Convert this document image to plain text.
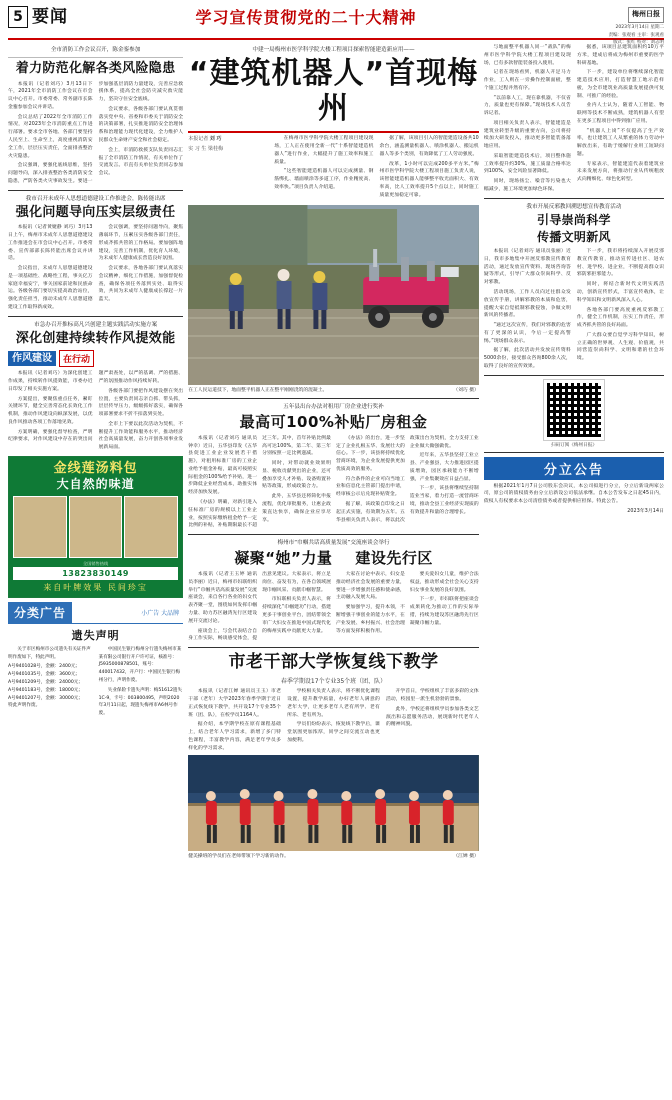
5 要闻	学习宣传贯彻党的二十大精神	梅州日报
2023年3月14日 星期二
责编：张观看 主审：张观看
版式：张红 校对：刘志明
全市消防工作会议召开，陈金銮参加
着力防范化解各类风险隐患

本报讯（记者刘巧）3月13日下午，2021年全市消防工作会议在市会议中心召开。市委常委、常务副市长陈金銮参加会议并讲话。

会议总结了2022年全市消防工作情况，对2023年全市消防重点工作进行部署。要求全市各地、各部门要坚持人民至上、生命至上，高度重视消防安全工作，层层压实责任，全面排查整治火灾隐患。

会议强调，要强化底线思维，坚持问题导向，深入排查整治各类消防安全隐患，严防各类火灾事故发生。要进一步加强基层消防力量建设，完善应急救援体系，提高全社会防灾减灾救灾能力，坚决守住安全底线。

会议要求，各级各部门要认真贯彻落实党中央、省委和市委关于消防安全的决策部署，扎实推进消防安全治理体系和治理能力现代化建设，全力维护人民群众生命财产安全和社会稳定。

会上，市消防救援支队负责同志汇报了全市消防工作情况，有关单位作了交流发言。市直有关单位负责同志参加会议。

我市召开未成年人思想道德建设工作推进会，陈传能出席
强化问题导向压实层级责任

本报讯（记者黄婕静 刘巧）3月13日上午，梅州市未成年人思想道德建设工作推进会在市会议中心召开。市委常委、宣传部部长陈传能出席会议并讲话。

会议指出，未成年人思想道德建设是一项基础性、战略性工程，事关亿万家庭幸福安宁，事关国家前途和民族命运。各级各部门要切实提高政治站位，强化责任担当，推动未成年人思想道德建设工作取得新成效。

会议强调，要坚持问题导向，聚焦薄弱环节，压紧压实各级各部门责任，形成齐抓共管的工作格局。要加强阵地建设，完善工作机制，优化育人环境，为未成年人健康成长营造良好氛围。

会议要求，各地各部门要认真落实会议精神，细化工作措施，加强督促检查，确保各项任务落到实处、取得实效，共同为未成年人健康成长撑起一片蓝天。

市急办召开推标高凡兴创建主题实践活动实施方案
深化创建持续转作风提效能
作风建设	在行动

本报讯（记者刘巧）为深化创建工作成果，持续转作风提效能，市委办近日印发了相关实施方案。

方案提出，要聚焦重点任务，紧盯关键环节，健全完善常态化长效化工作机制，推动作风建设向纵深发展，以优良作风推动各项工作落地见效。

方案明确，要强化督导检查，严明纪律要求，对作风建设中存在的突出问题严肃查处，以严的基调、严的措施、严的氛围推动作风持续好转。

各级各部门要把作风建设摆在突出位置，主要负责同志亲自抓、带头抓，层层传导压力，级级抓好落实，确保各项部署要求不折不扣落到实处。

全市上下要以此次活动为契机，不断提升工作效能和服务水平，推动经济社会高质量发展，奋力开创各项事业发展新局面。

金线莲汤料包
大自然的味道
全国销售热线
13823830149
来自叶牌效果 民间珍宝
分类广告	小广告 大品牌
遗失声明

关于市区梅州市公司遗失有关证件声明作废如下，特此声明。

A号9401028号，金额：2400元；

A号9401035号，金额：3600元；

A号9401209号，金额：24000元；

A号9401183号，金额：18000元；

A号9401207号，金额：30000元；

特此声明作废。

中国民生银行梅州分行遗失梅州市某某有限公司银行开户许可证，核准号：J5935000878501，账号：440017432，开户行：中国民生银行梅州分行，声明作废。

失业保险卡遗失声明：梅51612遗失1C-9，卡号：003800495，声明2020年3月11日起，现遗失梅州市A6林号作废。

中建一局梅州市医学科学院大楼工程项目探索智能建造新应用——
“建筑机器人”首现梅州
本报记者 刘 巧
实 习 生 梁桂梅

在梅州市医学科学院大楼工程项目建设现场，工人正在使用全新一代“十系智能建造机器人”进行作业，大幅提升了施工效率和施工质量。

“这些智能建造机器人可以完成测量、钢筋绑扎、墙面喷涂等多道工序，作业精度高、效率快。”项目负责人介绍道。

据了解，该项目引入的智能建造设备共10余台，涵盖测量机器人、喷涂机器人、搬运机器人等多个类别，有效降低了工人劳动强度。

改革，1小时可以完成200多平方米。”梅州市医学科学院大楼工程项目施工负责人说，该智能建造机器人能够整平收光面积大、有效率高，比人工效率提升5个点以上，同时施工质量更加稳定可靠。

（刘巧 摄）
在工人民运道技下，地面整平机器人正在整平刚刚浇筑的混凝土。
五年县出台办法对租用厂房企业进行奖补
最高可100%补贴厂房租金

本报讯（记者刘巧 通讯员钟幸）近日，五华县印发《五华县促进工业企业发展若干措施》，对租用标准厂房的工业企业给予租金补贴，最高可按照实际租金的100%给予补贴，进一步降低企业经营成本，助推实体经济加快发展。

《办法》明确，对新引进入驻标准厂房的规模以上工业企业，按照实际缴纳租金给予一定比例的补贴，补贴期限最长不超过三年。其中，首年补贴比例最高可达100%，第二年、第三年分别按照一定比例递减。

同时，对带动就业效果明显、税收贡献突出的企业，还可叠加享受人才补贴、设备购置补贴等政策，形成政策合力。

此外，五华县还将简化申报流程，优化审批服务，让惠企政策直达快享，确保企业应享尽享。

《办法》的出台，进一步坚定了企业扎根五华、发展壮大的信心。下一步，该县将持续优化营商环境，为企业发展提供更加优质高效的服务。

符合条件的企业可向当地工业和信息化主管部门提出申请，经审核公示后兑现补贴资金。

据了解，该政策自印发之日起正式实施，有效期为五年。五华县相关负责人表示，将以此次政策出台为契机，全力支持工业企业做大做强做优。

近年来，五华县坚持工业立县、产业强县，大力推进园区提质增效，园区承载能力不断增强，产业集聚效应日益凸显。

下一步，该县将继续坚持制造业当家，着力打造一流营商环境，推动全县工业经济实现质的有效提升和量的合理增长。

梅州市“巾帼共话高质量发展”交流座谈会举行
凝聚“她”力量 建设先行区

本报讯（记者王玉婷 通讯员李丽）近日，梅州市妇联组织举行“巾帼共话高质量发展”交流座谈会，来自各行各业的妇女代表齐聚一堂，围绕如何发挥巾帼力量、助力苏区融湾先行区建设展开交流讨论。

座谈会上，与会代表结合自身工作实际，畅谈感受体会，提出意见建议。大家表示，将立足岗位、奋发有为，在各自领域展现巾帼风采、贡献巾帼智慧。

市妇联相关负责人表示，将持续深化“巾帼建功”行动，搭建更多干事创业平台，团结带领全市广大妇女在推进中国式现代化的梅州实践中贡献更大力量。

大家在讨论中表示，妇女是推动经济社会发展的重要力量，要进一步增强责任感和使命感，主动融入发展大局。

要加强学习，提升本领，不断增强干事创业的能力水平，在产业发展、乡村振兴、社会治理等方面发挥积极作用。

要关爱妇女儿童，维护合法权益，推动形成全社会关心支持妇女事业发展的良好氛围。

下一步，市妇联将把座谈会成果转化为推动工作的实际举措，持续为建设苏区融湾先行区凝聚巾帼力量。

市老干部大学恢复线下教学
春季学期设17个专业35个班（团、队）

本报讯（记者江婵 通讯员王玉）市老干部（老年）大学2023年春季学期于近日正式恢复线下教学，共开设17个专业35个班（团、队），在校学员1164人。

据介绍，本学期学校在原有课程基础上，结合老年人学习需求，新增了多门特色课程，丰富教学内容，满足老年学员多样化的学习需求。

学校相关负责人表示，将不断优化课程设置，提升教学质量，办好老年人满意的老年大学，让更多老年人老有所学、老有所乐、老有所为。

学员们纷纷表示，恢复线下教学后，课堂氛围更加浓厚，同学之间交流互动也更加便利。

开学首日，学校组织了丰富多彩的文体活动，校园里一派生机勃勃的景象。

此外，学校还将组织学员参加各类文艺演出和志愿服务活动，展现新时代老年人的精神风貌。

（江婵 摄）
健美操班的学员们在老师带领下学习新的动作。

与地面整平机器人同一“战队”的梅州市医学科学院大楼工程项目建设现场，已有多款智能装备投入使用。

记者在现场看到，机器人开足马力作业，工人则在一旁操作控制面板，整个施工过程井然有序。

“以前靠人工，现在靠机器，不仅省力，质量也更有保障。”现场技术人员告诉记者。

项目相关负责人表示，智能建造是建筑业转型升级的重要方向，公司将持续加大研发投入，推动更多智能装备落地应用。

采取智能建造技术后，项目整体施工效率提升约30%，施工质量合格率达到100%，安全风险显著降低。

同时，现场扬尘、噪音等污染也大幅减少，施工环境更加绿色环保。

据悉，该项目总建筑面积约10万平方米，建成后将成为梅州市重要的医学科研基地。

下一步，建设单位将继续深化智能建造技术应用，打造智慧工地示范样板，为全市建筑业高质量发展提供可复制、可推广的经验。

业内人士认为，随着人工智能、物联网等技术不断成熟，建筑机器人有望在更多工程项目中得到推广应用。

“机器人上岗”不仅提高了生产效率，也让建筑工人从繁重的体力劳动中解放出来，有助于缓解行业用工短缺问题。

专家表示，智能建造代表着建筑业未来发展方向，将推动行业从传统粗放式向精细化、绿色化转型。

我市开展反邪教回溯思想宣传教育活动
引导崇尚科学
传播文明新风

本报讯（记者刘巧 通讯员张丽）近日，我市多地集中开展反邪教宣传教育活动，通过发放宣传资料、现场咨询答疑等形式，引导广大群众崇尚科学、反对邪教。

活动现场，工作人员向过往群众发放宣传手册，讲解邪教的本质和危害，提醒大家自觉抵制邪教侵蚀，争做文明新风的传播者。

“通过这次宣传，我们对邪教的危害有了更深的认识，今后一定提高警惕。”现场群众表示。

据了解，此次活动共发放宣传资料5000余份，接受群众咨询800余人次，取得了良好的宣传效果。

下一步，我市将持续深入开展反邪教宣传教育，推动宣传进社区、进农村、进学校、进企业，不断提高群众识邪防邪拒邪能力。

同时，将结合新时代文明实践活动，创新宣传形式，丰富宣传载体，让科学知识和文明新风深入人心。

各地各部门要高度重视反邪教工作，健全工作机制，压实工作责任，形成齐抓共管的良好局面。

广大群众要自觉学习科学知识，树立正确的世界观、人生观、价值观，共同营造崇尚科学、文明和谐的社会环境。

扫码订阅《梅州日报》
分立公告

根据2021年1月7日公司股东会决议，本公司拟进行分立，分立后新设两家公司，原公司的债权债务由分立后新设公司依法承继。自本公告发布之日起45日内，债权人有权要求本公司清偿债务或者提供相应担保。特此公告。

2023年3月14日
